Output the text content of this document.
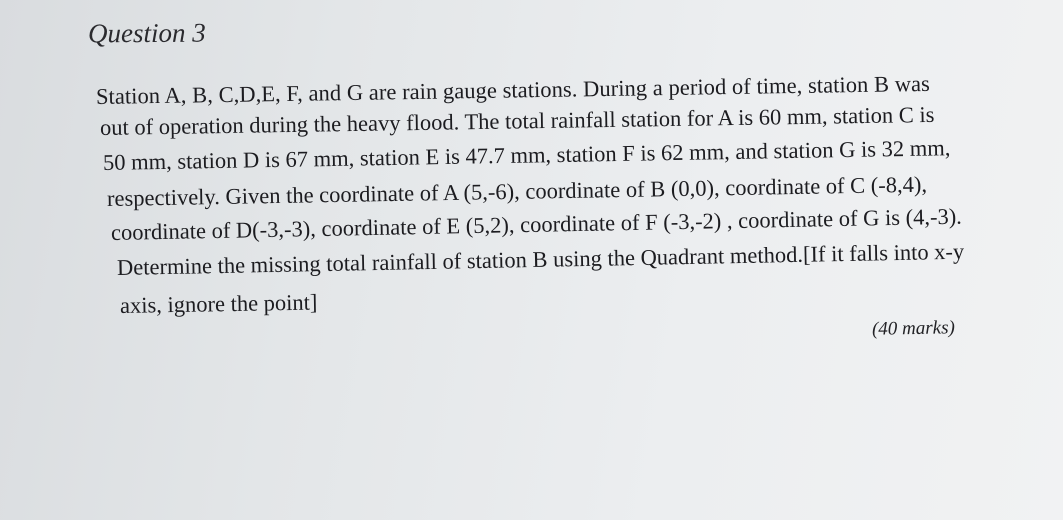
Question 3
Station A, B, C,D,E, F, and G are rain gauge stations. During a period of time, station B was
out of operation during the heavy flood. The total rainfall station for A is 60 mm, station C is
50 mm, station D is 67 mm, station E is 47.7 mm, station F is 62 mm, and station G is 32 mm,
respectively. Given the coordinate of A (5,-6), coordinate of B (0,0), coordinate of C (-8,4),
coordinate of D(-3,-3), coordinate of E (5,2), coordinate of F (-3,-2) , coordinate of G is (4,-3).
Determine the missing total rainfall of station B using the Quadrant method.[If it falls into x-y
axis, ignore the point]
(40 marks)
